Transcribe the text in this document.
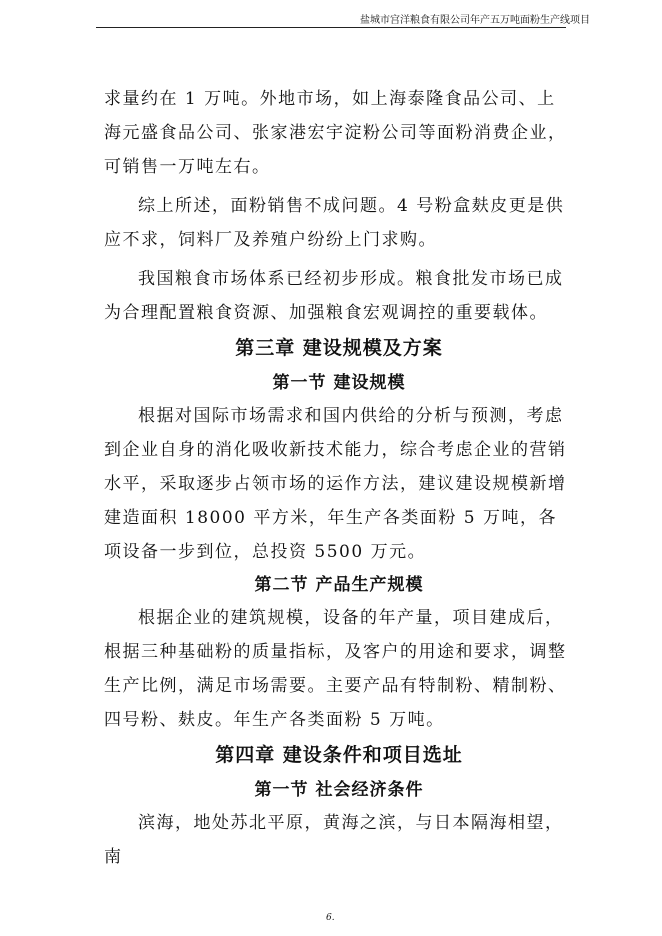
盐城市宫洋粮食有限公司年产五万吨面粉生产线项目

求量约在 1 万吨。外地市场，如上海泰隆食品公司、上海元盛食品公司、张家港宏宇淀粉公司等面粉消费企业，可销售一万吨左右。

综上所述，面粉销售不成问题。4 号粉盒麸皮更是供应不求，饲料厂及养殖户纷纷上门求购。

我国粮食市场体系已经初步形成。粮食批发市场已成为合理配置粮食资源、加强粮食宏观调控的重要载体。

第三章 建设规模及方案
第一节 建设规模

根据对国际市场需求和国内供给的分析与预测，考虑到企业自身的消化吸收新技术能力，综合考虑企业的营销水平，采取逐步占领市场的运作方法，建议建设规模新增建造面积 18000 平方米，年生产各类面粉 5 万吨，各项设备一步到位，总投资 5500 万元。

第二节 产品生产规模

根据企业的建筑规模，设备的年产量，项目建成后，根据三种基础粉的质量指标，及客户的用途和要求，调整生产比例，满足市场需要。主要产品有特制粉、精制粉、四号粉、麸皮。年生产各类面粉 5 万吨。

第四章 建设条件和项目选址
第一节 社会经济条件

滨海，地处苏北平原，黄海之滨，与日本隔海相望，南

6.
